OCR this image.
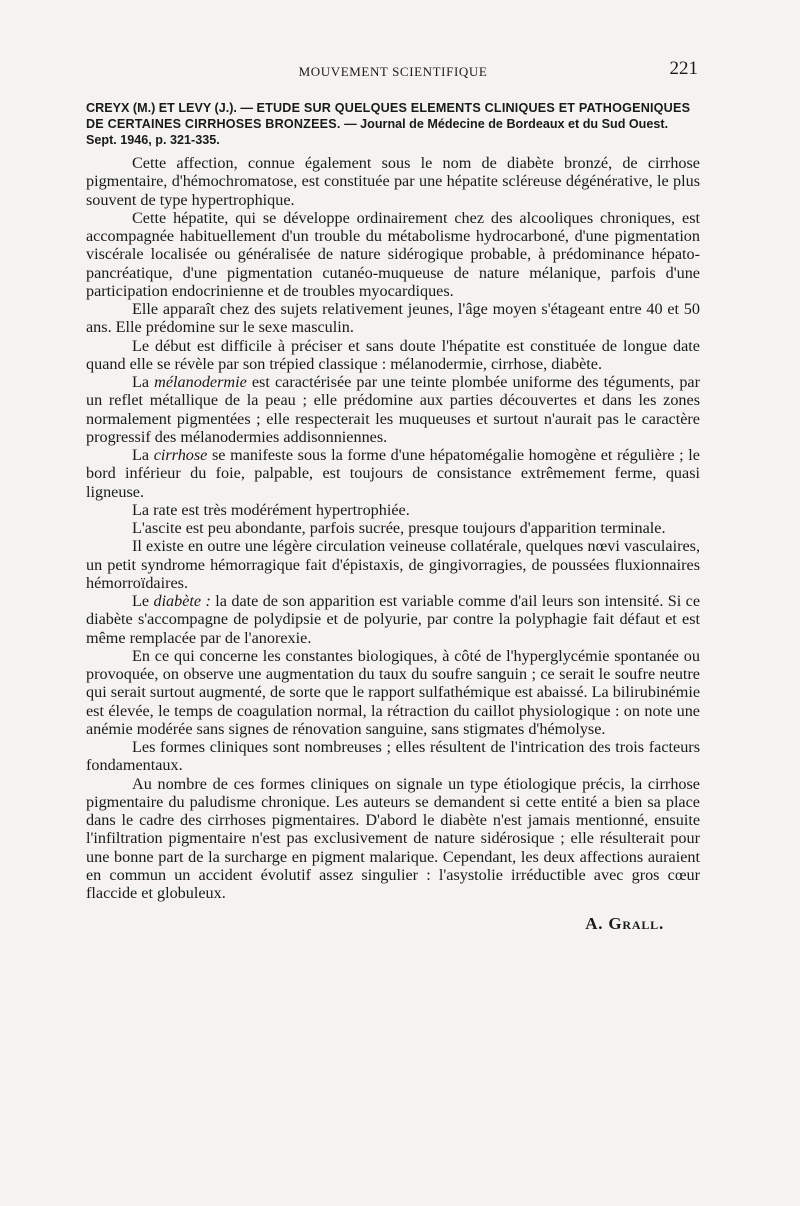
MOUVEMENT SCIENTIFIQUE	221
CREYX (M.) ET LEVY (J.). — ETUDE SUR QUELQUES ELEMENTS CLINIQUES ET PATHOGENIQUES DE CERTAINES CIRRHOSES BRONZEES. — Journal de Médecine de Bordeaux et du Sud Ouest. Sept. 1946, p. 321-335.

Cette affection, connue également sous le nom de diabète bronzé, de cirrhose pigmentaire, d'hémochromatose, est constituée par une hépatite scléreuse dégénérative, le plus souvent de type hypertrophique.

Cette hépatite, qui se développe ordinairement chez des alcooliques chroniques, est accompagnée habituellement d'un trouble du métabolisme hydrocarboné, d'une pigmentation viscérale localisée ou généralisée de nature sidérogique probable, à prédominance hépato-pancréatique, d'une pigmentation cutanéo-muqueuse de nature mélanique, parfois d'une participation endocrinienne et de troubles myocardiques.

Elle apparaît chez des sujets relativement jeunes, l'âge moyen s'étageant entre 40 et 50 ans. Elle prédomine sur le sexe masculin.

Le début est difficile à préciser et sans doute l'hépatite est constituée de longue date quand elle se révèle par son trépied classique : mélanodermie, cirrhose, diabète.

La mélanodermie est caractérisée par une teinte plombée uniforme des téguments, par un reflet métallique de la peau ; elle prédomine aux parties découvertes et dans les zones normalement pigmentées ; elle respecterait les muqueuses et surtout n'aurait pas le caractère progressif des mélanodermies addisonniennes.

La cirrhose se manifeste sous la forme d'une hépatomégalie homogène et régulière ; le bord inférieur du foie, palpable, est toujours de consistance extrêmement ferme, quasi ligneuse.

La rate est très modérément hypertrophiée.

L'ascite est peu abondante, parfois sucrée, presque toujours d'apparition terminale.

Il existe en outre une légère circulation veineuse collatérale, quelques nœvi vasculaires, un petit syndrome hémorragique fait d'épistaxis, de gingivorragies, de poussées fluxionnaires hémorroïdaires.

Le diabète : la date de son apparition est variable comme d'ail leurs son intensité. Si ce diabète s'accompagne de polydipsie et de polyurie, par contre la polyphagie fait défaut et est même remplacée par de l'anorexie.

En ce qui concerne les constantes biologiques, à côté de l'hyperglycémie spontanée ou provoquée, on observe une augmentation du taux du soufre sanguin ; ce serait le soufre neutre qui serait surtout augmenté, de sorte que le rapport sulfathémique est abaissé. La bilirubinémie est élevée, le temps de coagulation normal, la rétraction du caillot physiologique : on note une anémie modérée sans signes de rénovation sanguine, sans stigmates d'hémolyse.

Les formes cliniques sont nombreuses ; elles résultent de l'intrication des trois facteurs fondamentaux.

Au nombre de ces formes cliniques on signale un type étiologique précis, la cirrhose pigmentaire du paludisme chronique. Les auteurs se demandent si cette entité a bien sa place dans le cadre des cirrhoses pigmentaires. D'abord le diabète n'est jamais mentionné, ensuite l'infiltration pigmentaire n'est pas exclusivement de nature sidérosique ; elle résulterait pour une bonne part de la surcharge en pigment malarique. Cependant, les deux affections auraient en commun un accident évolutif assez singulier : l'asystolie irréductible avec gros cœur flaccide et globuleux.

A. Grall.
